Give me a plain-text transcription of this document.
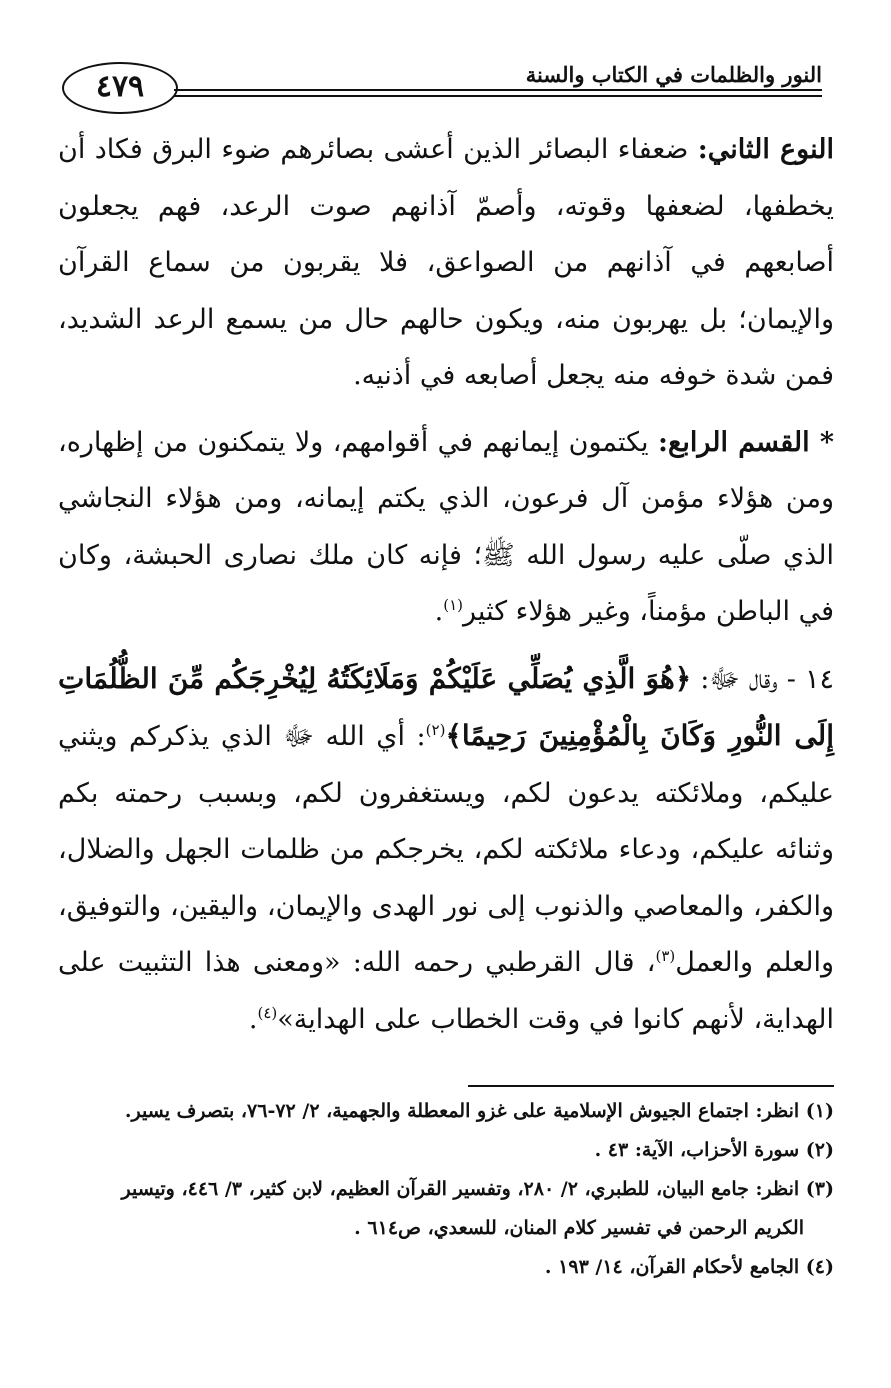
٤٧٩	النور والظلمات في الكتاب والسنة

النوع الثاني: ضعفاء البصائر الذين أعشى بصائرهم ضوء البرق فكاد أن يخطفها، لضعفها وقوته، وأصمّ آذانهم صوت الرعد، فهم يجعلون أصابعهم في آذانهم من الصواعق، فلا يقربون من سماع القرآن والإيمان؛ بل يهربون منه، ويكون حالهم حال من يسمع الرعد الشديد، فمن شدة خوفه منه يجعل أصابعه في أذنيه.

* القسم الرابع: يكتمون إيمانهم في أقوامهم، ولا يتمكنون من إظهاره، ومن هؤلاء مؤمن آل فرعون، الذي يكتم إيمانه، ومن هؤلاء النجاشي الذي صلّى عليه رسول الله ﷺ؛ فإنه كان ملك نصارى الحبشة، وكان في الباطن مؤمناً، وغير هؤلاء كثير$^{(١)}$.

١٤ - وقال ﷻ: ﴿هُوَ الَّذِي يُصَلِّي عَلَيْكُمْ وَمَلَائِكَتُهُ لِيُخْرِجَكُم مِّنَ الظُّلُمَاتِ إِلَى النُّورِ وَكَانَ بِالْمُؤْمِنِينَ رَحِيمًا﴾$^{(٢)}$: أي الله ﷻ الذي يذكركم ويثني عليكم، وملائكته يدعون لكم، ويستغفرون لكم، وبسبب رحمته بكم وثنائه عليكم، ودعاء ملائكته لكم، يخرجكم من ظلمات الجهل والضلال، والكفر، والمعاصي والذنوب إلى نور الهدى والإيمان، واليقين، والتوفيق، والعلم والعمل$^{(٣)}$، قال القرطبي رحمه الله: «ومعنى هذا التثبيت على الهداية، لأنهم كانوا في وقت الخطاب على الهداية»$^{(٤)}$.

(١) انظر: اجتماع الجيوش الإسلامية على غزو المعطلة والجهمية، ٢/ ٧٢-٧٦، بتصرف يسير.

(٢) سورة الأحزاب، الآية: ٤٣ .

(٣) انظر: جامع البيان، للطبري، ٢/ ٢٨٠، وتفسير القرآن العظيم، لابن كثير، ٣/ ٤٤٦، وتيسير

الكريم الرحمن في تفسير كلام المنان، للسعدي، ص٦١٤ .

(٤) الجامع لأحكام القرآن، ١٤/ ١٩٣ .
